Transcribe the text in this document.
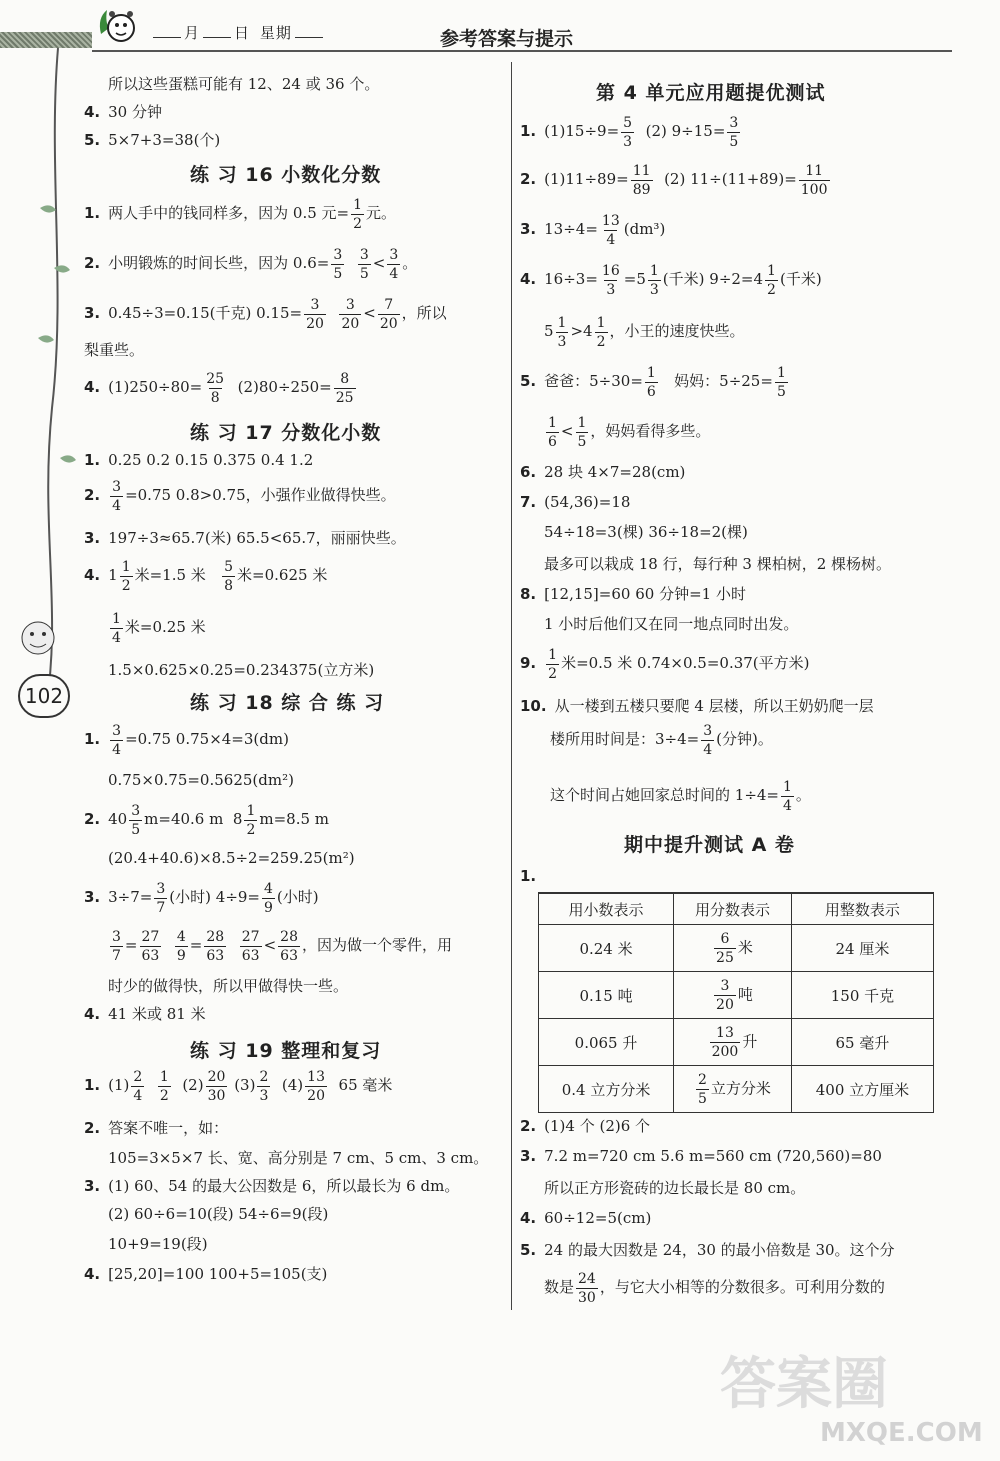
月 日 星期	参考答案与提示
102
所以这些蛋糕可能有 12、24 或 36 个。
4. 30 分钟
5. 5×7+3=38(个)
练 习 16 小数化分数
1. 两人手中的钱同样多，因为 0.5 元= $\frac{1}{2}$ 元。
2. 小明锻炼的时间长些，因为 $0.6= \frac{3}{5}$
$\frac{3}{5} < \frac{3}{4}$ 。
3. 0.45÷3=0.15(千克) $0.15= \frac{3}{20}$
$\frac{3}{20} < \frac{7}{20}$ ，所以
梨重些。
4. $(1)250\div 80= \frac{25}{8} (2)80\div 250= \frac{8}{25}$
练 习 17 分数化小数
1. 0.25 0.2 0.15 0.375 0.4 1.2
2. $\frac{3}{4} =0.75$ 0.8>0.75，小强作业做得快些。
3. 197÷3≈65.7(米) 65.5<65.7，丽丽快些。
4. $1 \frac{1}{2}$ 米=1.5 米 $\frac{5}{8}$ 米=0.625 米
$\frac{1}{4}$ 米=0.25 米
1.5×0.625×0.25=0.234375(立方米)
练 习 18 综 合 练 习
1. $\frac{3}{4} =0.75$ 0.75×4=3(dm)
0.75×0.75=0.5625(dm²)
2. $40 \frac{3}{5} m=40.6$ m  $8 \frac{1}{2} m=8.5$ m
(20.4+40.6)×8.5÷2=259.25(m²)
3. $3\div 7= \frac{3}{7}$ (小时) $4\div 9= \frac{4}{9}$ (小时)
$\frac{3}{7} = \frac{27}{63}$
$\frac{4}{9} = \frac{28}{63}$
$\frac{27}{63} < \frac{28}{63}$ ，因为做一个零件，用
时少的做得快，所以甲做得快一些。
4. 41 米或 81 米
练 习 19 整理和复习
1. $(1) \frac{2}{4}$
$\frac{1}{2} (2) \frac{20}{30} (3) \frac{2}{3} (4) \frac{13}{20} 65$ 毫米
2. 答案不唯一，如：
105=3×5×7 长、宽、高分别是 7 cm、5 cm、3 cm。
3. (1) 60、54 的最大公因数是 6，所以最长为 6 dm。
(2) 60÷6=10(段) 54÷6=9(段)
10+9=19(段)
4. [25,20]=100 100+5=105(支)
第 4 单元应用题提优测试
1. $(1)15\div 9= \frac{5}{3} (2)$ $9\div 15= \frac{3}{5}$
2. $(1)11\div 89= \frac{11}{89} (2)$ $11\div(11+89)= \frac{11}{100}$
3. $13\div 4= \frac{13}{4} (dm^3)$
4. $16\div 3= \frac{16}{3} =5 \frac{1}{3}$ (千米) $9\div 2=4 \frac{1}{2}$ (千米)
$5 \frac{1}{3} >4 \frac{1}{2}$ ，小王的速度快些。
5. 爸爸：$5\div 30= \frac{1}{6}$ 妈妈：$5\div 25= \frac{1}{5}$
$\frac{1}{6} < \frac{1}{5}$ ，妈妈看得多些。
6. 28 块 4×7=28(cm)
7. (54,36)=18
54÷18=3(棵) 36÷18=2(棵)
最多可以栽成 18 行，每行种 3 棵柏树，2 棵杨树。
8. [12,15]=60 60 分钟=1 小时
1 小时后他们又在同一地点同时出发。
9. $\frac{1}{2}$ 米=0.5 米 0.74×0.5=0.37(平方米)
10. 从一楼到五楼只要爬 4 层楼，所以王奶奶爬一层
楼所用时间是：$3\div 4= \frac{3}{4}$ (分钟)。
这个时间占她回家总时间的 $1\div 4= \frac{1}{4}$ 。
期中提升测试 A 卷
1.
用小数表示	用分数表示	用整数表示
0.24 米	$\frac{6}{25}$ 米	24 厘米
0.15 吨	$\frac{3}{20}$ 吨	150 千克
0.065 升	$\frac{13}{200}$ 升	65 毫升
0.4 立方分米	$\frac{2}{5}$ 立方分米	400 立方厘米
2. (1)4 个 (2)6 个
3. 7.2 m=720 cm 5.6 m=560 cm (720,560)=80
所以正方形瓷砖的边长最长是 80 cm。
4. 60÷12=5(cm)
5. 24 的最大因数是 24，30 的最小倍数是 30。这个分
数是 $\frac{24}{30}$ ，与它大小相等的分数很多。可利用分数的
答案圈
MXQE.COM
